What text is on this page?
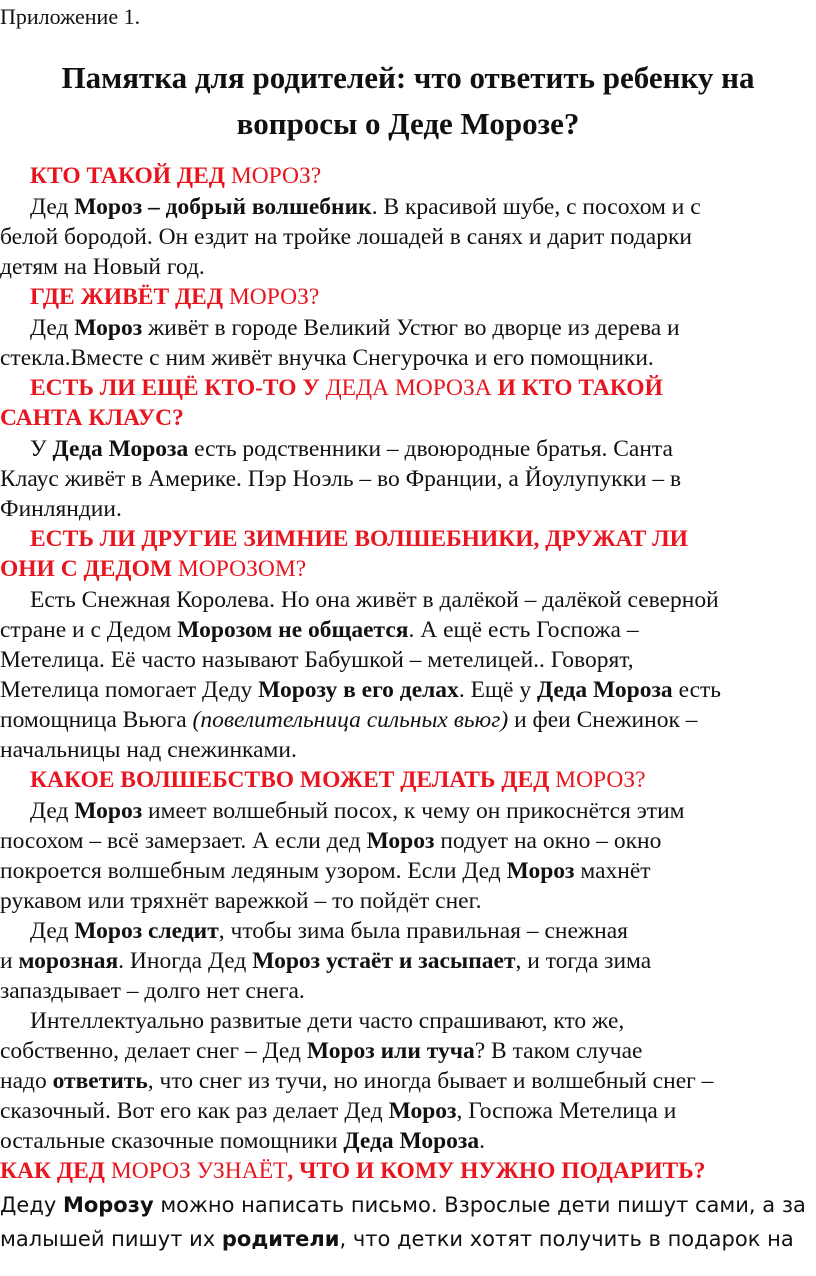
Приложение 1.
Памятка для родителей: что ответить ребенку на
вопросы о Деде Морозе?
КТО ТАКОЙ ДЕД МОРОЗ?
Дед Мороз – добрый волшебник. В красивой шубе, с посохом и с
белой бородой. Он ездит на тройке лошадей в санях и дарит подарки
детям на Новый год.
ГДЕ ЖИВЁТ ДЕД МОРОЗ?
Дед Мороз живёт в городе Великий Устюг во дворце из дерева и
стекла.Вместе с ним живёт внучка Снегурочка и его помощники.
ЕСТЬ ЛИ ЕЩЁ КТО-ТО У ДЕДА МОРОЗА И КТО ТАКОЙ
САНТА КЛАУС?
У Деда Мороза есть родственники – двоюродные братья. Санта
Клаус живёт в Америке. Пэр Ноэль – во Франции, а Йоулупукки – в
Финляндии.
ЕСТЬ ЛИ ДРУГИЕ ЗИМНИЕ ВОЛШЕБНИКИ, ДРУЖАТ ЛИ
ОНИ С ДЕДОМ МОРОЗОМ?
Есть Снежная Королева. Но она живёт в далёкой – далёкой северной
стране и с Дедом Морозом не общается. А ещё есть Госпожа –
Метелица. Её часто называют Бабушкой – метелицей.. Говорят,
Метелица помогает Деду Морозу в его делах. Ещё у Деда Мороза есть
помощница Вьюга (повелительница сильных вьюг) и феи Снежинок –
начальницы над снежинками.
КАКОЕ ВОЛШЕБСТВО МОЖЕТ ДЕЛАТЬ ДЕД МОРОЗ?
Дед Мороз имеет волшебный посох, к чему он прикоснётся этим
посохом – всё замерзает. А если дед Мороз подует на окно – окно
покроется волшебным ледяным узором. Если Дед Мороз махнёт
рукавом или тряхнёт варежкой – то пойдёт снег.
Дед Мороз следит, чтобы зима была правильная – снежная
и морозная. Иногда Дед Мороз устаёт и засыпает, и тогда зима
запаздывает – долго нет снега.
Интеллектуально развитые дети часто спрашивают, кто же,
собственно, делает снег – Дед Мороз или туча? В таком случае
надо ответить, что снег из тучи, но иногда бывает и волшебный снег –
сказочный. Вот его как раз делает Дед Мороз, Госпожа Метелица и
остальные сказочные помощники Деда Мороза.
КАК ДЕД МОРОЗ УЗНАЁТ, ЧТО И КОМУ НУЖНО ПОДАРИТЬ?
Деду Морозу можно написать письмо. Взрослые дети пишут сами, а за
малышей пишут их родители, что детки хотят получить в подарок на
